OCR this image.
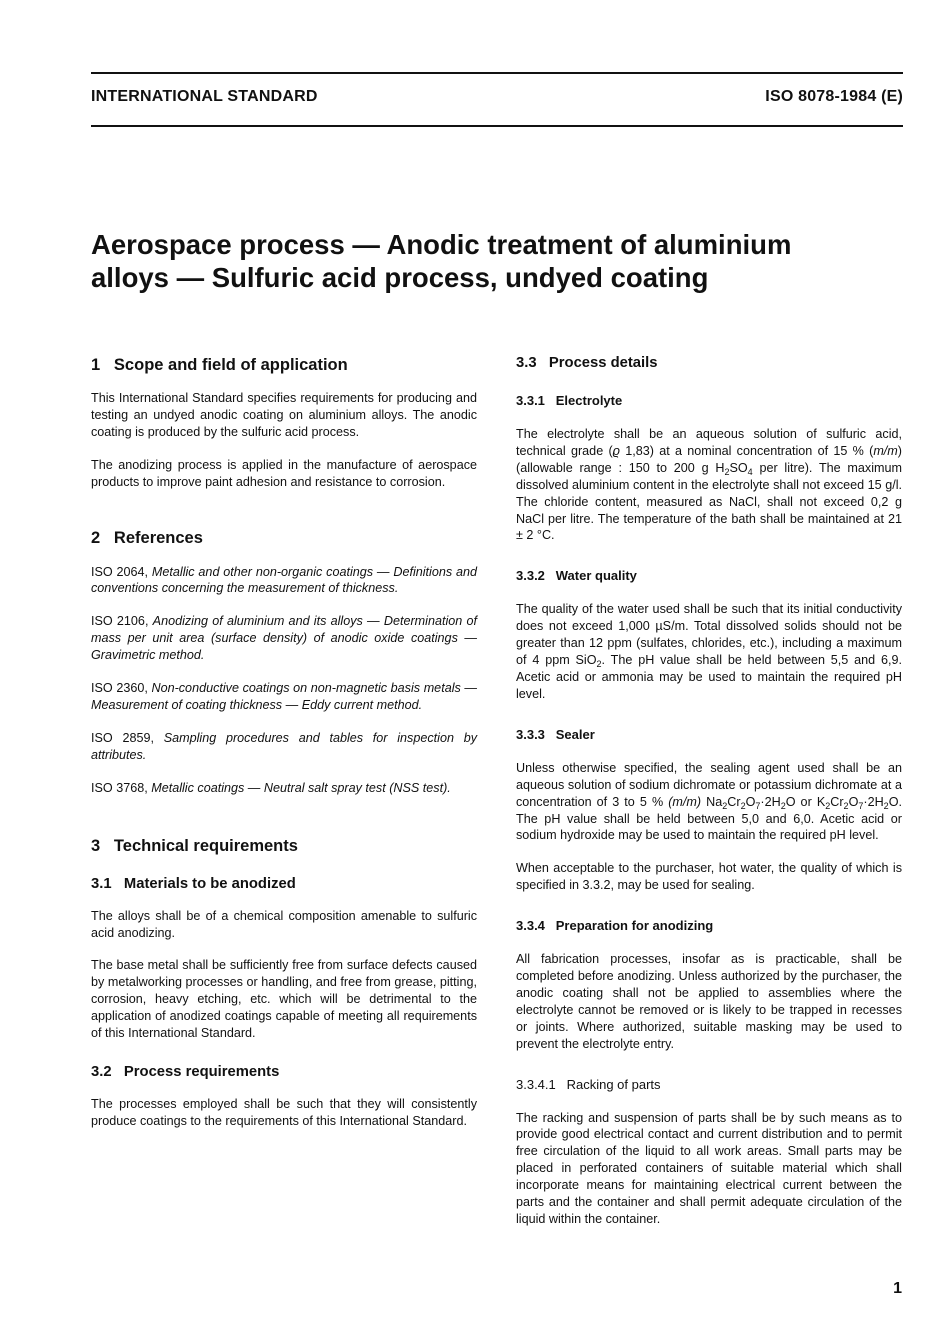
INTERNATIONAL STANDARD	ISO 8078-1984 (E)
Aerospace process — Anodic treatment of aluminium
alloys — Sulfuric acid process, undyed coating
1   Scope and field of application

This International Standard specifies requirements for producing and testing an undyed anodic coating on aluminium alloys. The anodic coating is produced by the sulfuric acid process.

The anodizing process is applied in the manufacture of aerospace products to improve paint adhesion and resistance to corrosion.

2   References
ISO 2064, Metallic and other non-organic coatings — Definitions and conventions concerning the measurement of thickness.
ISO 2106, Anodizing of aluminium and its alloys — Determination of mass per unit area (surface density) of anodic oxide coatings — Gravimetric method.
ISO 2360, Non-conductive coatings on non-magnetic basis metals — Measurement of coating thickness — Eddy current method.
ISO 2859, Sampling procedures and tables for inspection by attributes.
ISO 3768, Metallic coatings — Neutral salt spray test (NSS test).
3   Technical requirements
3.1   Materials to be anodized

The alloys shall be of a chemical composition amenable to sulfuric acid anodizing.

The base metal shall be sufficiently free from surface defects caused by metalworking processes or handling, and free from grease, pitting, corrosion, heavy etching, etc. which will be detrimental to the application of anodized coatings capable of meeting all requirements of this International Standard.

3.2   Process requirements

The processes employed shall be such that they will consistently produce coatings to the requirements of this International Standard.

3.3   Process details
3.3.1   Electrolyte

The electrolyte shall be an aqueous solution of sulfuric acid, technical grade (ϱ 1,83) at a nominal concentration of 15 % (m/m) (allowable range : 150 to 200 g $H_2SO_4$ per litre). The maximum dissolved aluminium content in the electrolyte shall not exceed 15 g/l. The chloride content, measured as NaCl, shall not exceed 0,2 g NaCl per litre. The temperature of the bath shall be maintained at 21 ± 2 °C.

3.3.2   Water quality

The quality of the water used shall be such that its initial conductivity does not exceed 1,000 µS/m. Total dissolved solids should not be greater than 12 ppm (sulfates, chlorides, etc.), including a maximum of 4 ppm SiO$_2$. The pH value shall be held between 5,5 and 6,9. Acetic acid or ammonia may be used to maintain the required pH level.

3.3.3   Sealer

Unless otherwise specified, the sealing agent used shall be an aqueous solution of sodium dichromate or potassium dichromate at a concentration of 3 to 5 % (m/m) $Na_2Cr_2O_7\cdot 2H_2O$ or $K_2Cr_2O_7\cdot 2H_2O$. The pH value shall be held between 5,0 and 6,0. Acetic acid or sodium hydroxide may be used to maintain the required pH level.

When acceptable to the purchaser, hot water, the quality of which is specified in 3.3.2, may be used for sealing.

3.3.4   Preparation for anodizing

All fabrication processes, insofar as is practicable, shall be completed before anodizing. Unless authorized by the purchaser, the anodic coating shall not be applied to assemblies where the electrolyte cannot be removed or is likely to be trapped in recesses or joints. Where authorized, suitable masking may be used to prevent the electrolyte entry.

3.3.4.1   Racking of parts

The racking and suspension of parts shall be by such means as to provide good electrical contact and current distribution and to permit free circulation of the liquid to all work areas. Small parts may be placed in perforated containers of suitable material which shall incorporate means for maintaining electrical current between the parts and the container and shall permit adequate circulation of the liquid within the container.

1
